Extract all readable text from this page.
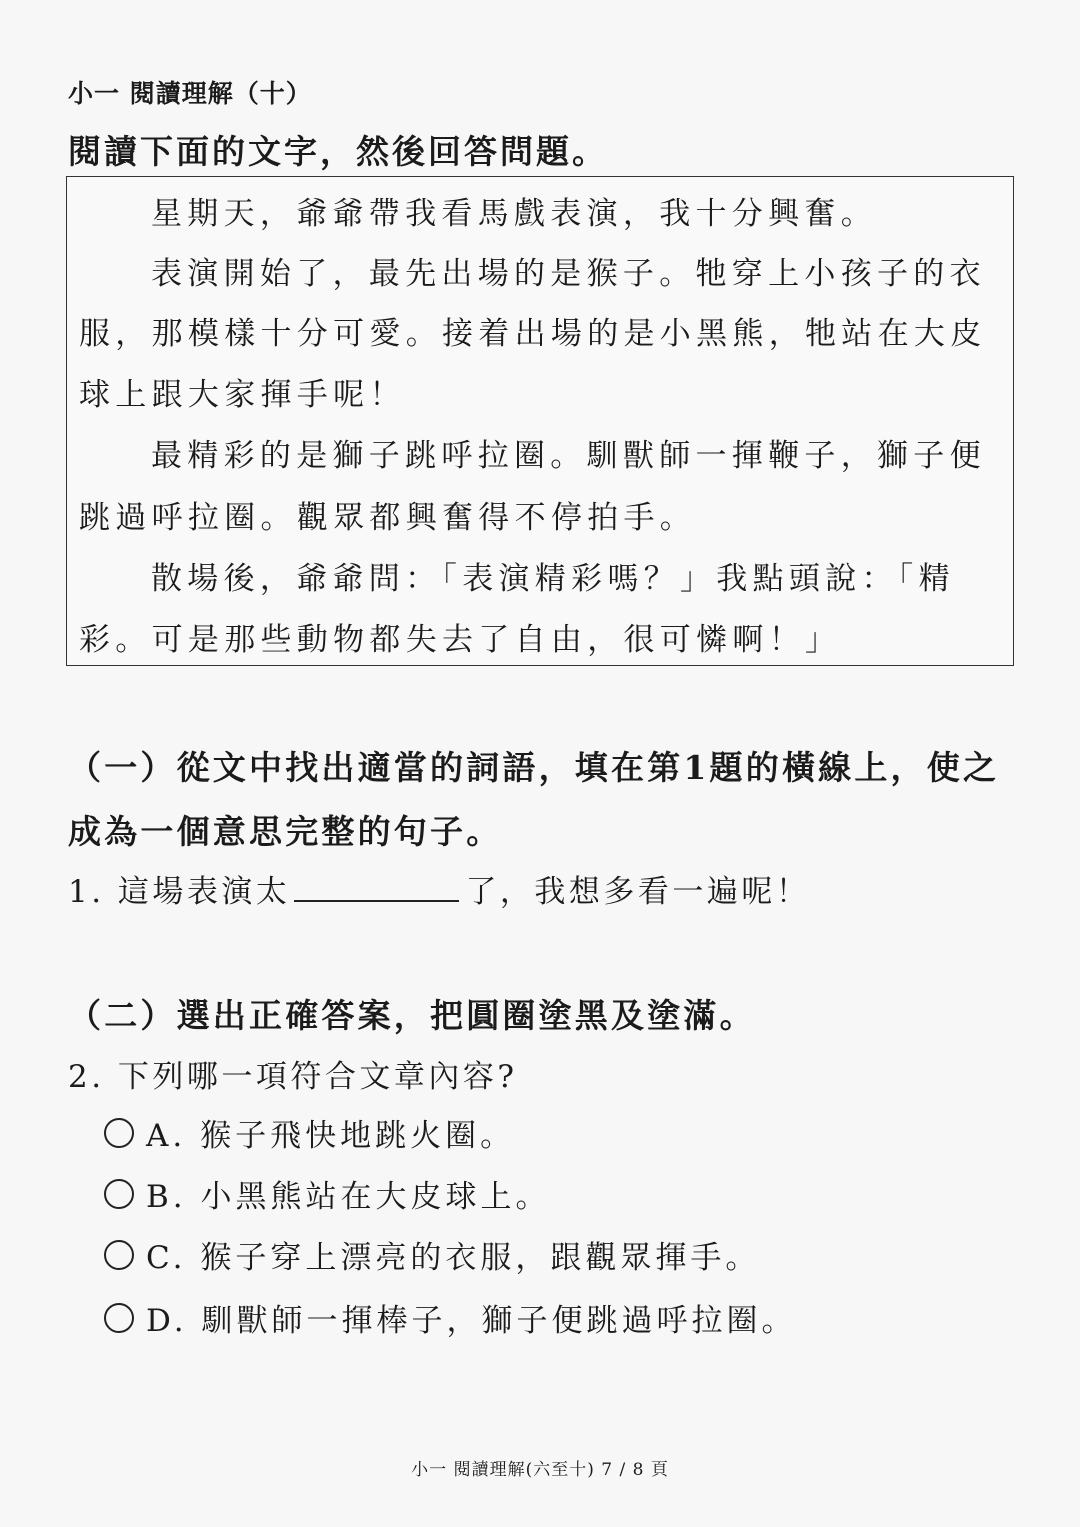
小一 閱讀理解（十）
閱讀下面的文字，然後回答問題。
星期天，爺爺帶我看馬戲表演，我十分興奮。
表演開始了，最先出場的是猴子。牠穿上小孩子的衣
服，那模樣十分可愛。接着出場的是小黑熊，牠站在大皮
球上跟大家揮手呢！
最精彩的是獅子跳呼拉圈。馴獸師一揮鞭子，獅子便
跳過呼拉圈。觀眾都興奮得不停拍手。
散場後，爺爺問：「表演精彩嗎？」我點頭說：「精
彩。可是那些動物都失去了自由，很可憐啊！」
（一）從文中找出適當的詞語，填在第1題的橫線上，使之
成為一個意思完整的句子。
1. 這場表演太	了，我想多看一遍呢！
（二）選出正確答案，把圓圈塗黑及塗滿。
2. 下列哪一項符合文章內容?
A. 猴子飛快地跳火圈。
B. 小黑熊站在大皮球上。
C. 猴子穿上漂亮的衣服，跟觀眾揮手。
D. 馴獸師一揮棒子，獅子便跳過呼拉圈。
小一 閱讀理解(六至十) 7 / 8 頁
